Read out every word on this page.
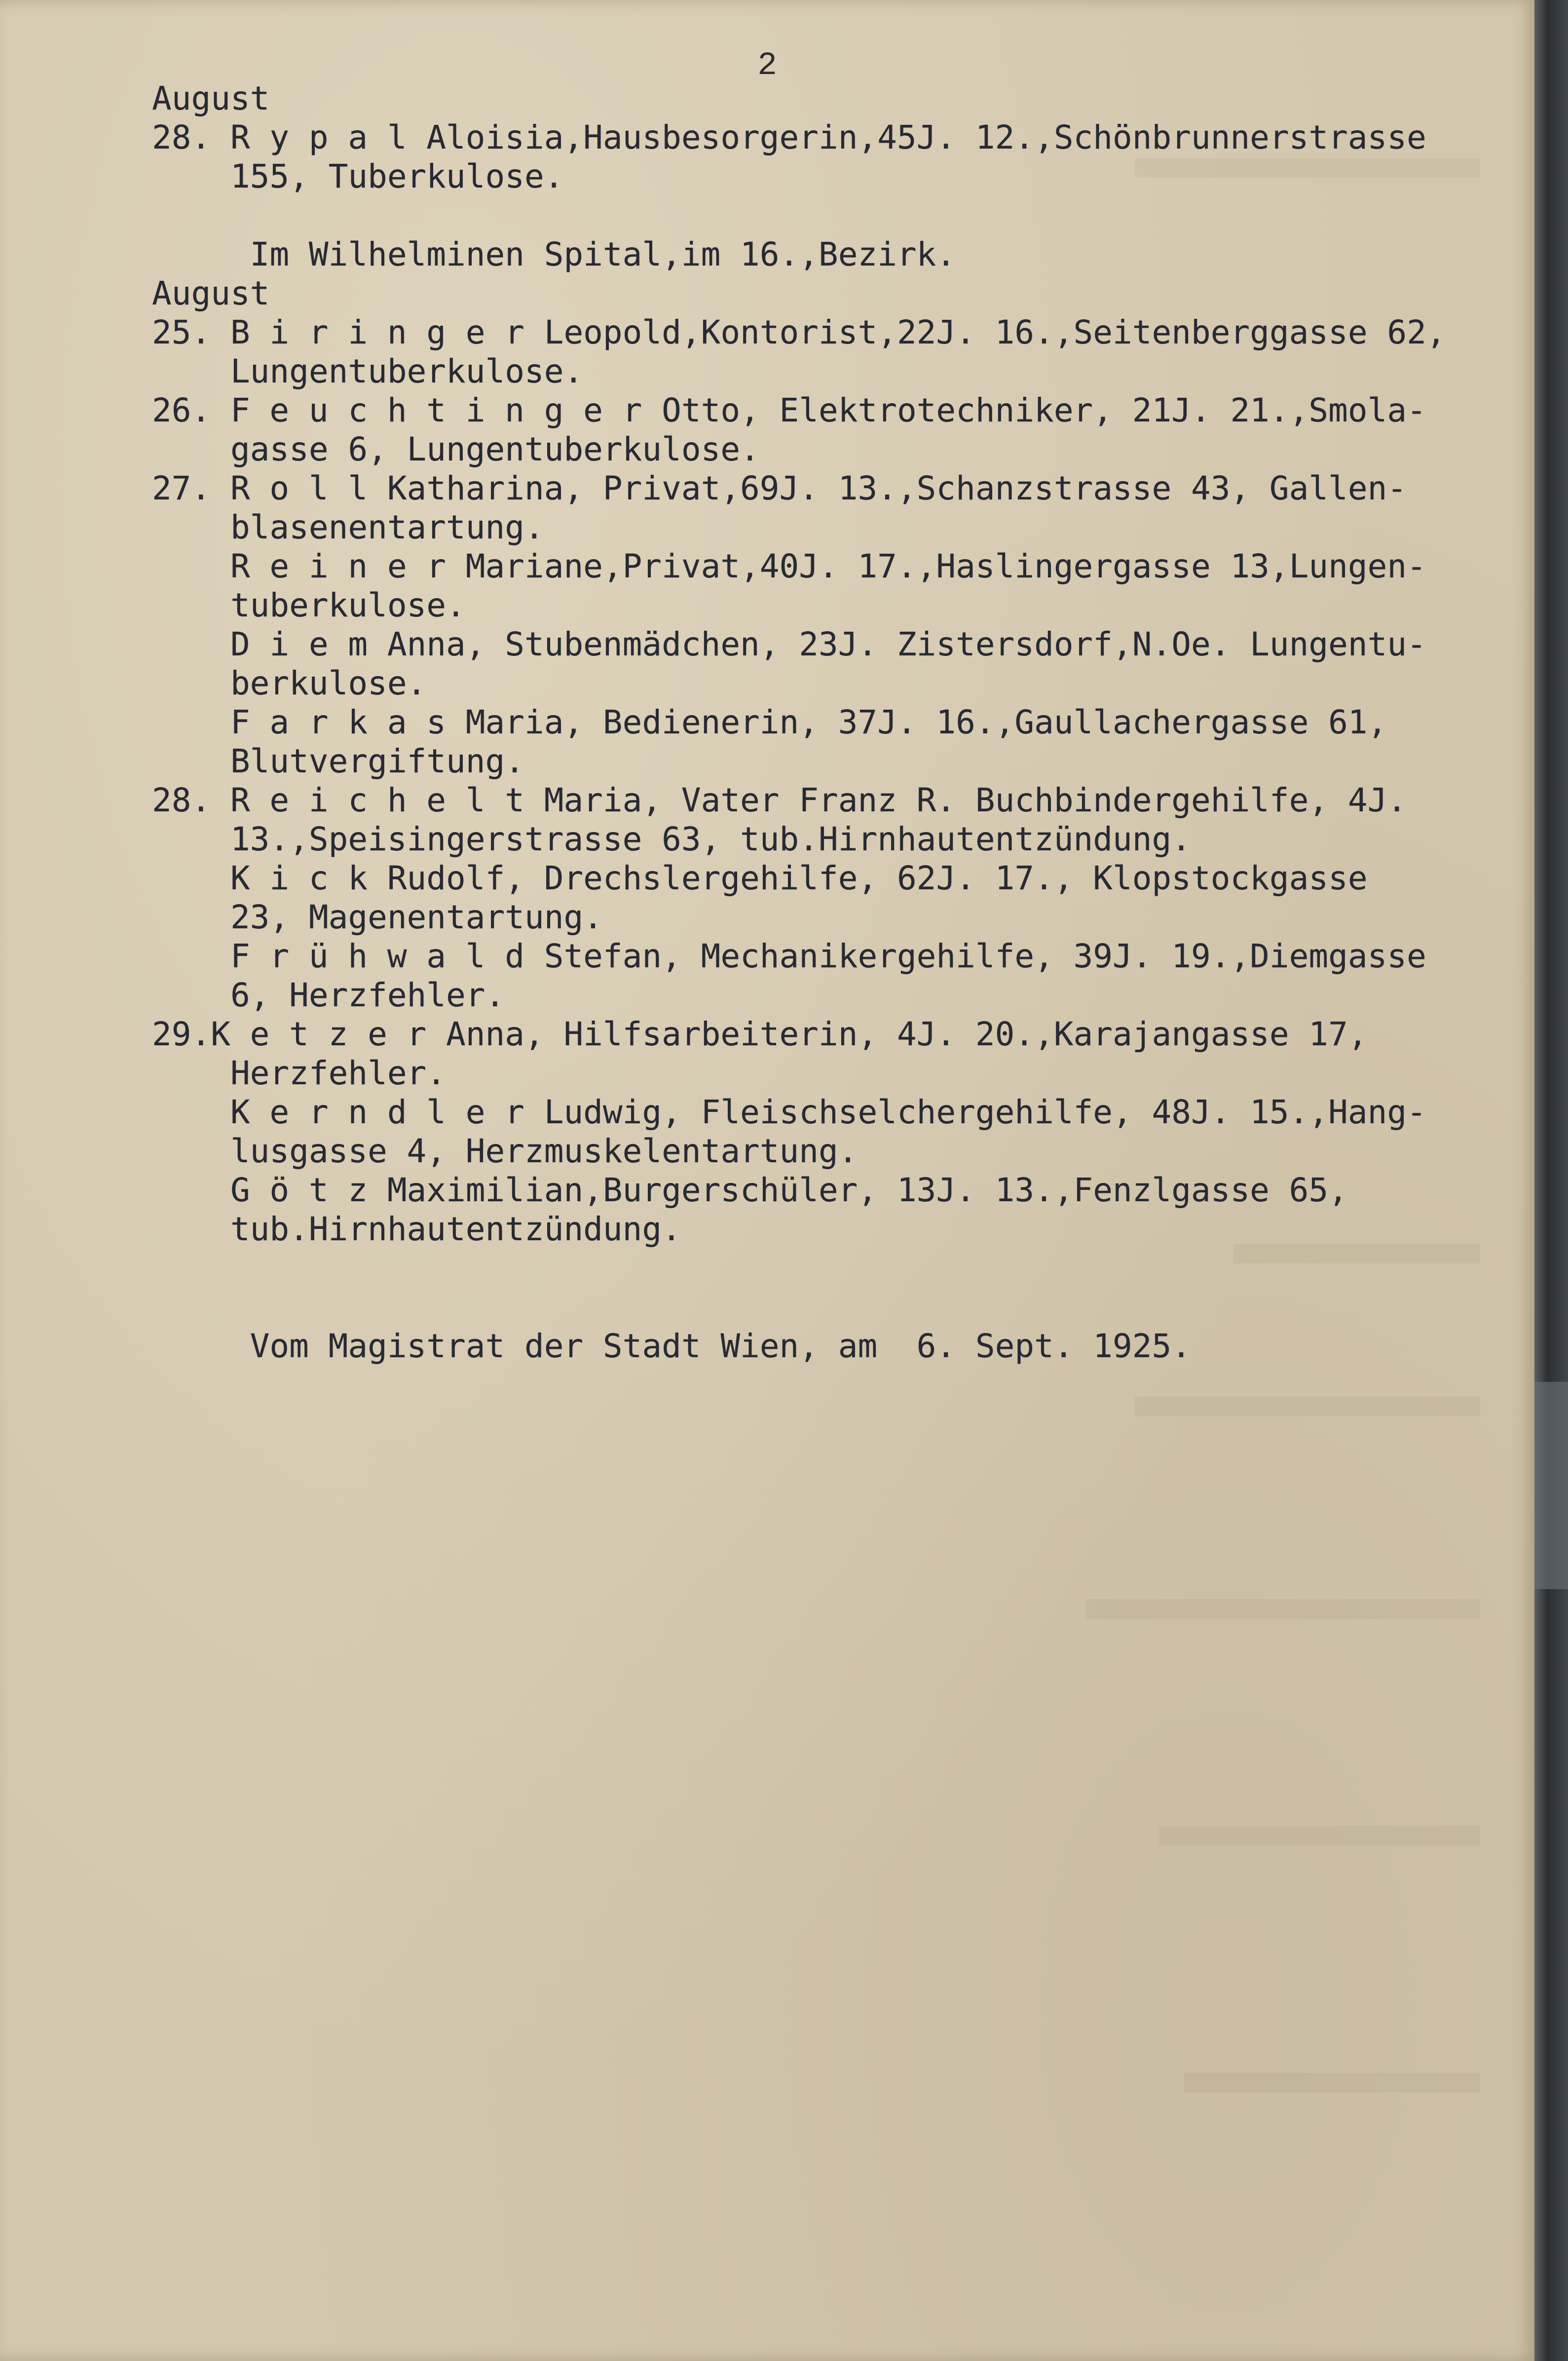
2
August
28. R y p a l Aloisia,Hausbesorgerin,45J. 12.,Schönbrunnerstrasse
155, Tuberkulose.

Im Wilhelminen Spital,im 16.,Bezirk.
August
25. B i r i n g e r Leopold,Kontorist,22J. 16.,Seitenberggasse 62,
Lungentuberkulose.
26. F e u c h t i n g e r Otto, Elektrotechniker, 21J. 21.,Smola-
gasse 6, Lungentuberkulose.
27. R o l l Katharina, Privat,69J. 13.,Schanzstrasse 43, Gallen-
blasenentartung.
R e i n e r Mariane,Privat,40J. 17.,Haslingergasse 13,Lungen-
tuberkulose.
D i e m Anna, Stubenmädchen, 23J. Zistersdorf,N.Oe. Lungentu-
berkulose.
F a r k a s Maria, Bedienerin, 37J. 16.,Gaullachergasse 61,
Blutvergiftung.
28. R e i c h e l t Maria, Vater Franz R. Buchbindergehilfe, 4J.
13.,Speisingerstrasse 63, tub.Hirnhautentzündung.
K i c k Rudolf, Drechslergehilfe, 62J. 17., Klopstockgasse
23, Magenentartung.
F r ü h w a l d Stefan, Mechanikergehilfe, 39J. 19.,Diemgasse
6, Herzfehler.
29.K e t z e r Anna, Hilfsarbeiterin, 4J. 20.,Karajangasse 17,
Herzfehler.
K e r n d l e r Ludwig, Fleischselchergehilfe, 48J. 15.,Hang-
lusgasse 4, Herzmuskelentartung.
G ö t z Maximilian,Burgerschüler, 13J. 13.,Fenzlgasse 65,
tub.Hirnhautentzündung.

Vom Magistrat der Stadt Wien, am  6. Sept. 1925.
